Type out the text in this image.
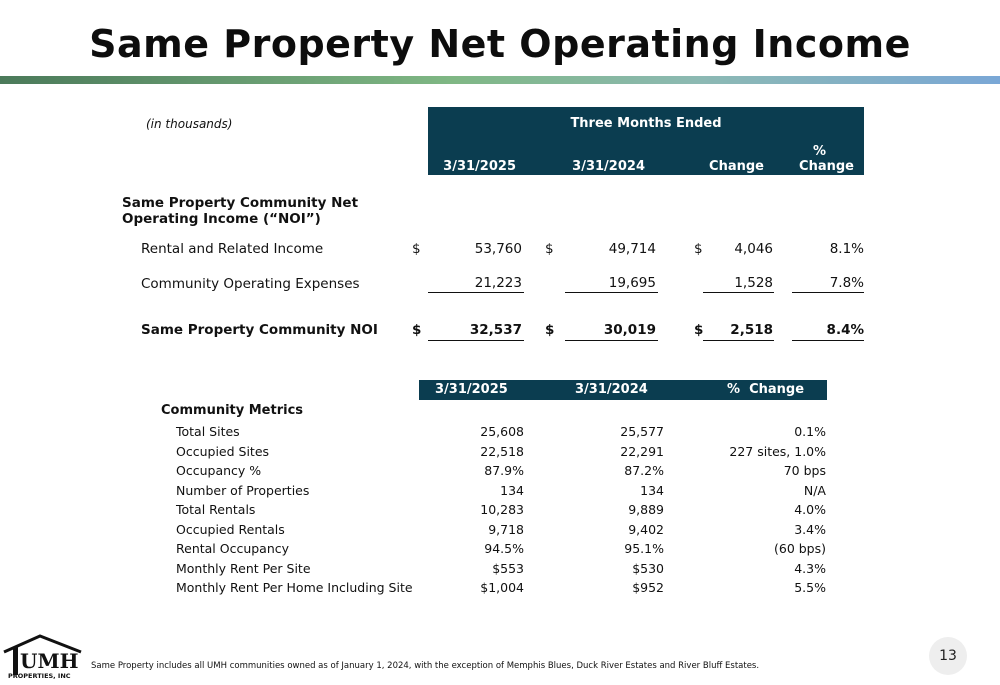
Same Property Net Operating Income
(in thousands)	Three Months Ended
3/31/2025	3/31/2024	Change
%
Change
Same Property Community Net
Operating Income (“NOI”)
Rental and Related Income	$	53,760 $	49,714	$	4,046	8.1%
Community Operating Expenses	21,223	19,695	1,528	7.8%
Same Property Community NOI	$	32,537 $	30,019	$	2,518	8.4%
3/31/2025	3/31/2024	%  Change
Community Metrics
Total Sites	25,608	25,577	0.1%
Occupied Sites	22,518	22,291	227 sites, 1.0%
Occupancy %	87.9%	87.2%	70 bps
Number of Properties	134	134	N/A
Total Rentals	10,283	9,889	4.0%
Occupied Rentals	9,718	9,402	3.4%
Rental Occupancy	94.5%	95.1%	(60 bps)
Monthly Rent Per Site	$553	$530	4.3%
Monthly Rent Per Home Including Site	$1,004	$952	5.5%
UMH
PROPERTIES, INC
Same Property includes all UMH communities owned as of January 1, 2024, with the exception of Memphis Blues, Duck River Estates and River Bluff Estates.
13
